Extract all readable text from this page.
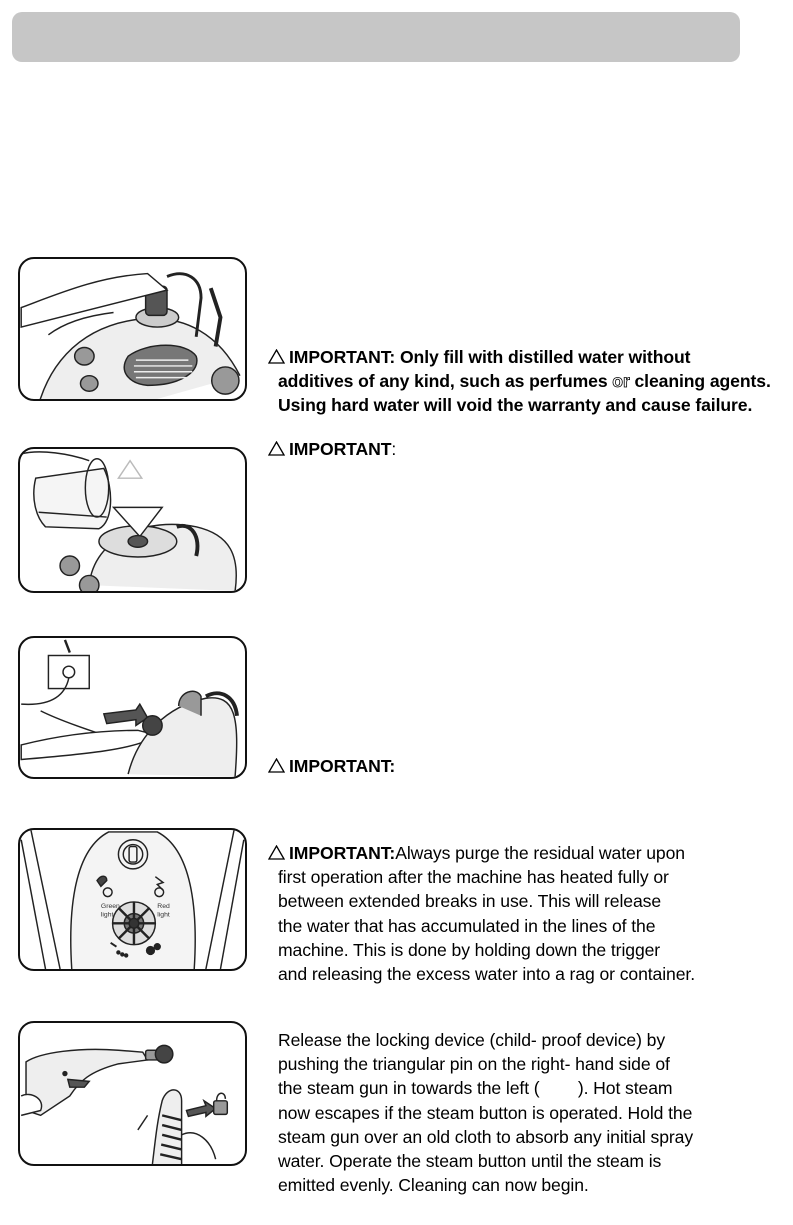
Green
light
Red
light
IMPORTANT: Only fill with distilled water without
additives of any kind, such as perfumes or cleaning agents.
Using hard water will void the warranty and cause failure.
IMPORTANT:
IMPORTANT:
IMPORTANT:Always purge the residual water upon
first operation after the machine has heated fully or
between extended breaks in use. This will release
the water that has accumulated in the lines of the
machine. This is done by holding down the trigger
and releasing the excess water into a rag or container.
Release the locking device (child- proof device) by
pushing the triangular pin on the right- hand side of
the steam gun in towards the left (        ). Hot steam
now escapes if the steam button is operated. Hold the
steam gun over an old cloth to absorb any initial spray
water. Operate the steam button until the steam is
emitted evenly. Cleaning can now begin.
